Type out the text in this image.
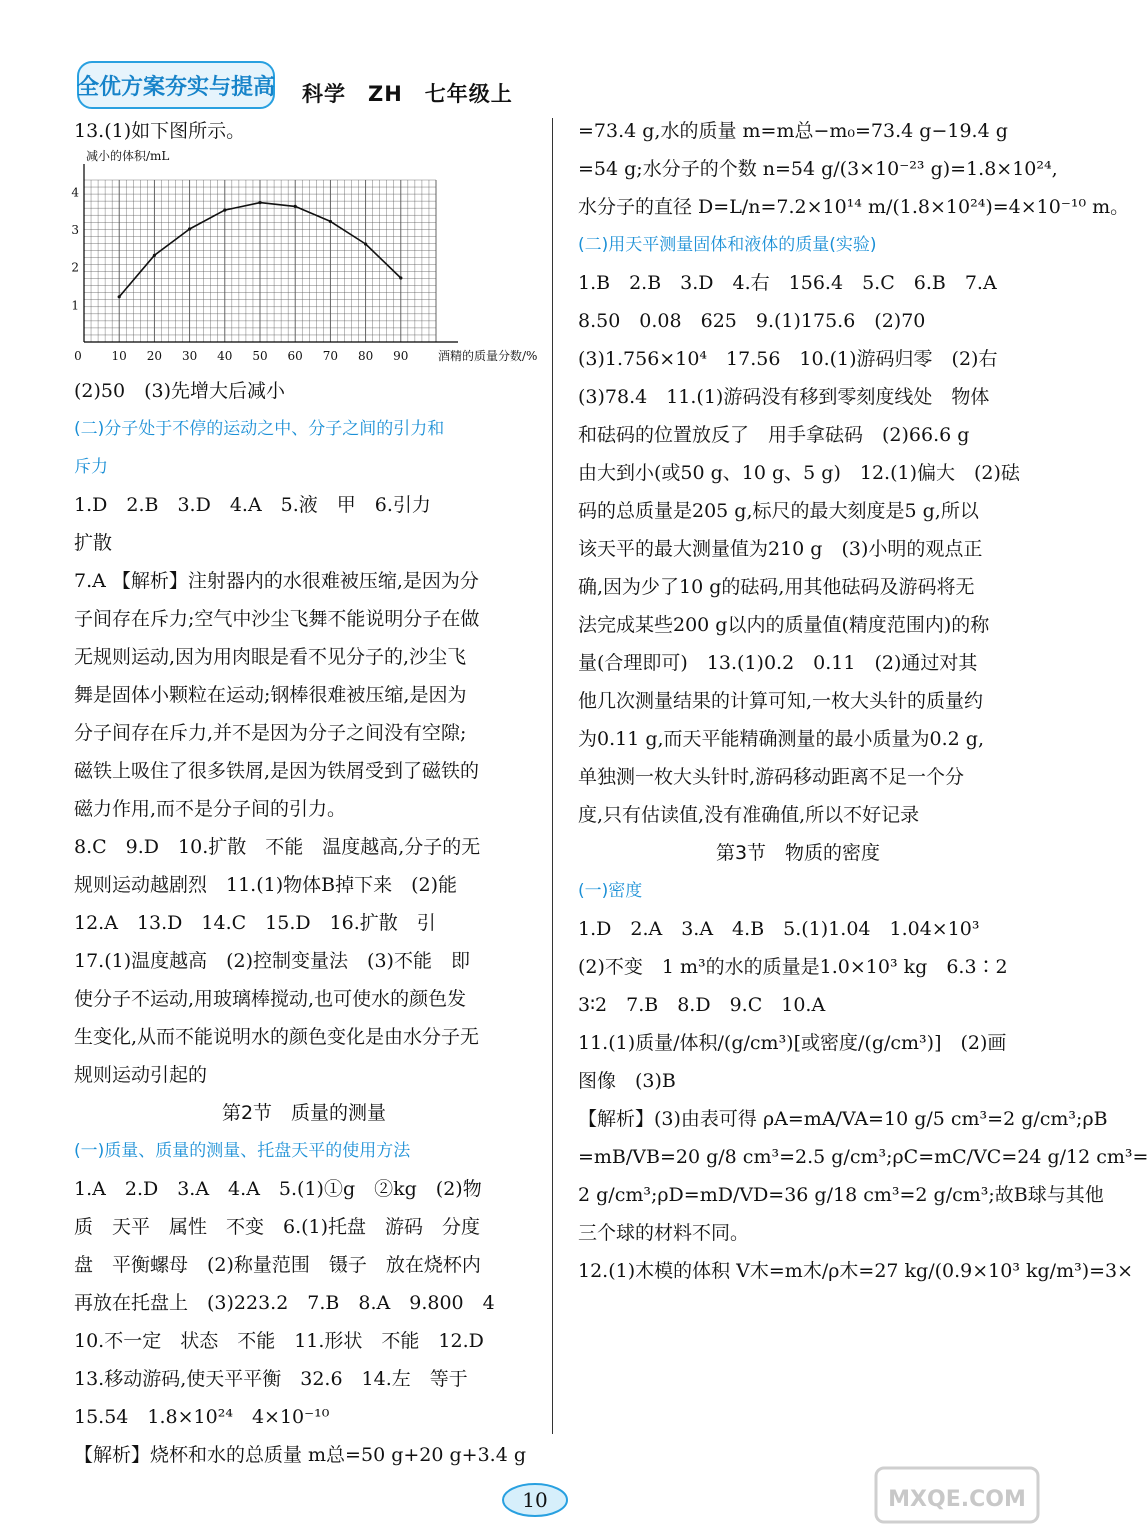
全优方案夯实与提高 科学　ZH　七年级上
13.(1)如下图所示。
1
2
3
4
0 10 20 30 40 50 60 70 80 90
减小的体积/mL
酒精的质量分数/%
(2)50　(3)先增大后减小
(二)分子处于不停的运动之中、分子之间的引力和
斥力
1.D　2.B　3.D　4.A　5.液　甲　6.引力
扩散
7.A 【解析】注射器内的水很难被压缩,是因为分
子间存在斥力;空气中沙尘飞舞不能说明分子在做
无规则运动,因为用肉眼是看不见分子的,沙尘飞
舞是固体小颗粒在运动;钢棒很难被压缩,是因为
分子间存在斥力,并不是因为分子之间没有空隙;
磁铁上吸住了很多铁屑,是因为铁屑受到了磁铁的
磁力作用,而不是分子间的引力。
8.C　9.D　10.扩散　不能　温度越高,分子的无
规则运动越剧烈　11.(1)物体B掉下来　(2)能
12.A　13.D　14.C　15.D　16.扩散　引
17.(1)温度越高　(2)控制变量法　(3)不能　即
使分子不运动,用玻璃棒搅动,也可使水的颜色发
生变化,从而不能说明水的颜色变化是由水分子无
规则运动引起的
第2节　质量的测量
(一)质量、质量的测量、托盘天平的使用方法
1.A　2.D　3.A　4.A　5.(1)①g　②kg　(2)物
质　天平　属性　不变　6.(1)托盘　游码　分度
盘　平衡螺母　(2)称量范围　镊子　放在烧杯内
再放在托盘上　(3)223.2　7.B　8.A　9.800　4
10.不一定　状态　不能　11.形状　不能　12.D
13.移动游码,使天平平衡　32.6　14.左　等于
15.54　1.8×10²⁴　4×10⁻¹⁰
【解析】烧杯和水的总质量 m总=50 g+20 g+3.4 g
=73.4 g,水的质量 m=m总−m₀=73.4 g−19.4 g
=54 g;水分子的个数 n=54 g/(3×10⁻²³ g)=1.8×10²⁴,
水分子的直径 D=L/n=7.2×10¹⁴ m/(1.8×10²⁴)=4×10⁻¹⁰ m。
(二)用天平测量固体和液体的质量(实验)
1.B　2.B　3.D　4.右　156.4　5.C　6.B　7.A
8.50　0.08　625　9.(1)175.6　(2)70
(3)1.756×10⁴　17.56　10.(1)游码归零　(2)右
(3)78.4　11.(1)游码没有移到零刻度线处　物体
和砝码的位置放反了　用手拿砝码　(2)66.6 g
由大到小(或50 g、10 g、5 g)　12.(1)偏大　(2)砝
码的总质量是205 g,标尺的最大刻度是5 g,所以
该天平的最大测量值为210 g　(3)小明的观点正
确,因为少了10 g的砝码,用其他砝码及游码将无
法完成某些200 g以内的质量值(精度范围内)的称
量(合理即可)　13.(1)0.2　0.11　(2)通过对其
他几次测量结果的计算可知,一枚大头针的质量约
为0.11 g,而天平能精确测量的最小质量为0.2 g,
单独测一枚大头针时,游码移动距离不足一个分
度,只有估读值,没有准确值,所以不好记录
第3节　物质的密度
(一)密度
1.D　2.A　3.A　4.B　5.(1)1.04　1.04×10³
(2)不变　1 m³的水的质量是1.0×10³ kg　6.3∶2
3∶2　7.B　8.D　9.C　10.A
11.(1)质量/体积/(g/cm³)[或密度/(g/cm³)]　(2)画
图像　(3)B
【解析】(3)由表可得 ρA=mA/VA=10 g/5 cm³=2 g/cm³;ρB
=mB/VB=20 g/8 cm³=2.5 g/cm³;ρC=mC/VC=24 g/12 cm³=
2 g/cm³;ρD=mD/VD=36 g/18 cm³=2 g/cm³;故B球与其他
三个球的材料不同。
12.(1)木模的体积 V木=m木/ρ木=27 kg/(0.9×10³ kg/m³)=3×
10	MXQE.COM
